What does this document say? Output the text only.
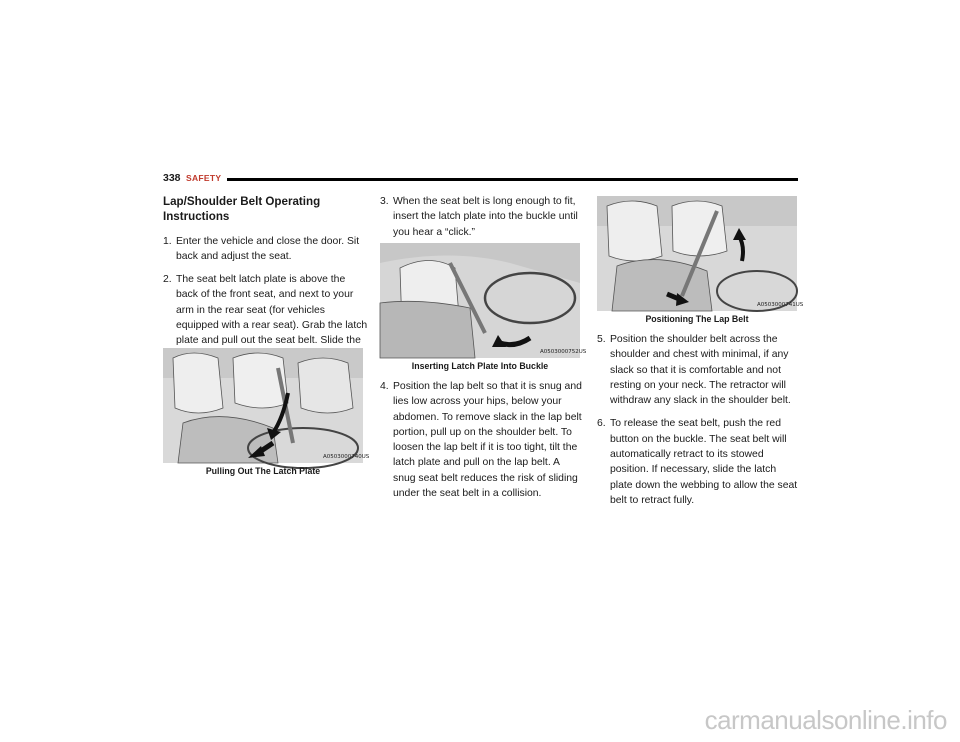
338 SAFETY
Lap/Shoulder Belt Operating Instructions
1. Enter the vehicle and close the door. Sit back and adjust the seat.
2. The seat belt latch plate is above the back of the front seat, and next to your arm in the rear seat (for vehicles equipped with a rear seat). Grab the latch plate and pull out the seat belt. Slide the
A0503000740US
Pulling Out The Latch Plate
3. When the seat belt is long enough to fit, insert the latch plate into the buckle until you hear a “click.”
A0503000752US
Inserting Latch Plate Into Buckle
4. Position the lap belt so that it is snug and lies low across your hips, below your abdomen. To remove slack in the lap belt portion, pull up on the shoulder belt. To loosen the lap belt if it is too tight, tilt the latch plate and pull on the lap belt. A snug seat belt reduces the risk of sliding under the seat belt in a collision.
A0503000741US
Positioning The Lap Belt
5. Position the shoulder belt across the shoulder and chest with minimal, if any slack so that it is comfortable and not resting on your neck. The retractor will withdraw any slack in the shoulder belt.
6. To release the seat belt, push the red button on the buckle. The seat belt will automatically retract to its stowed position. If necessary, slide the latch plate down the webbing to allow the seat belt to retract fully.
carmanualsonline.info
